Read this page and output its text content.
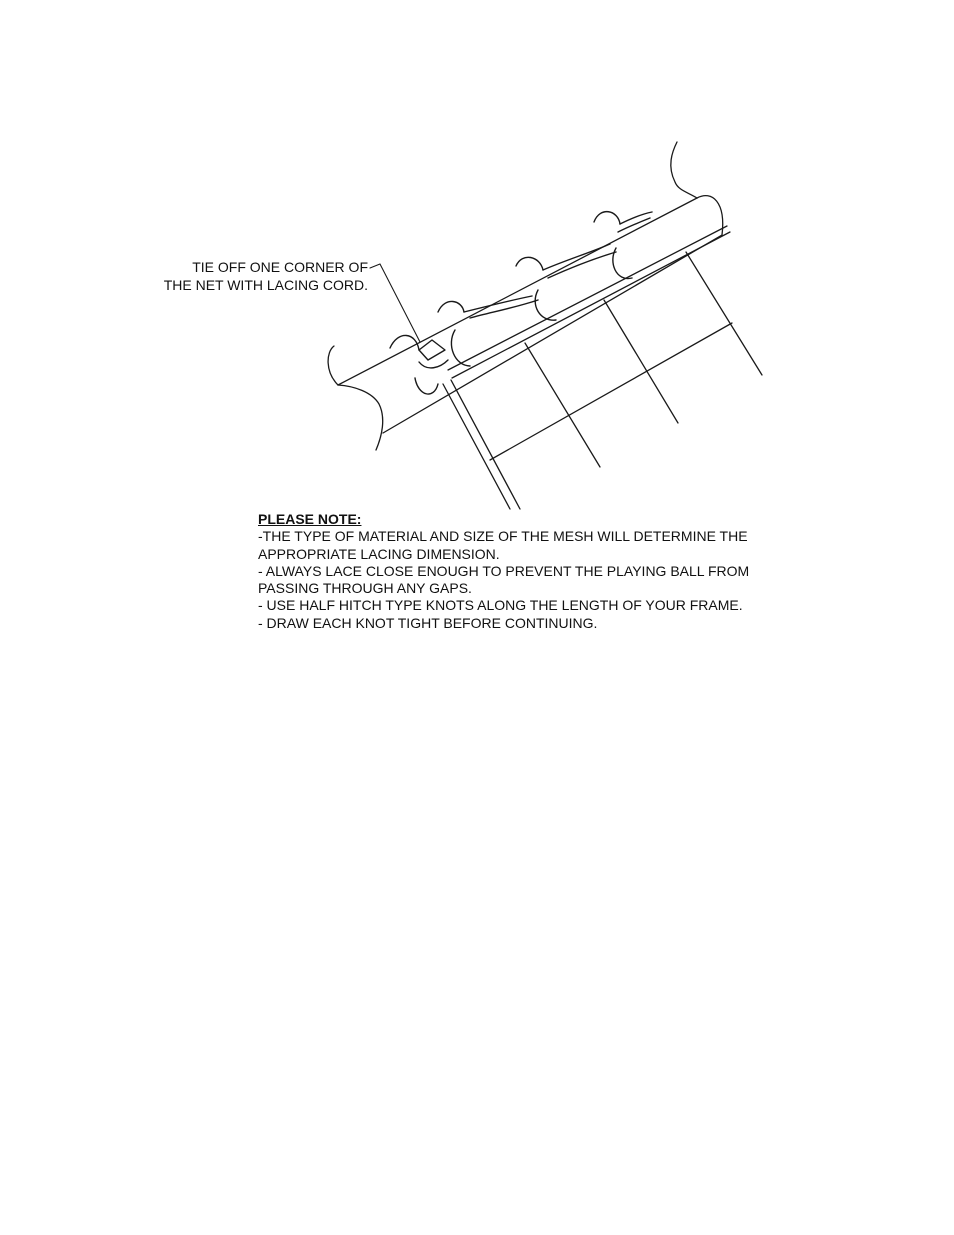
TIE OFF ONE CORNER OF
THE NET WITH LACING CORD.
PLEASE NOTE:
-THE TYPE OF MATERIAL AND SIZE OF THE MESH WILL DETERMINE THE
APPROPRIATE LACING DIMENSION.
- ALWAYS LACE CLOSE ENOUGH TO PREVENT THE PLAYING BALL FROM
PASSING THROUGH ANY GAPS.
- USE HALF HITCH TYPE KNOTS ALONG THE LENGTH OF YOUR FRAME.
- DRAW EACH KNOT TIGHT BEFORE CONTINUING.
